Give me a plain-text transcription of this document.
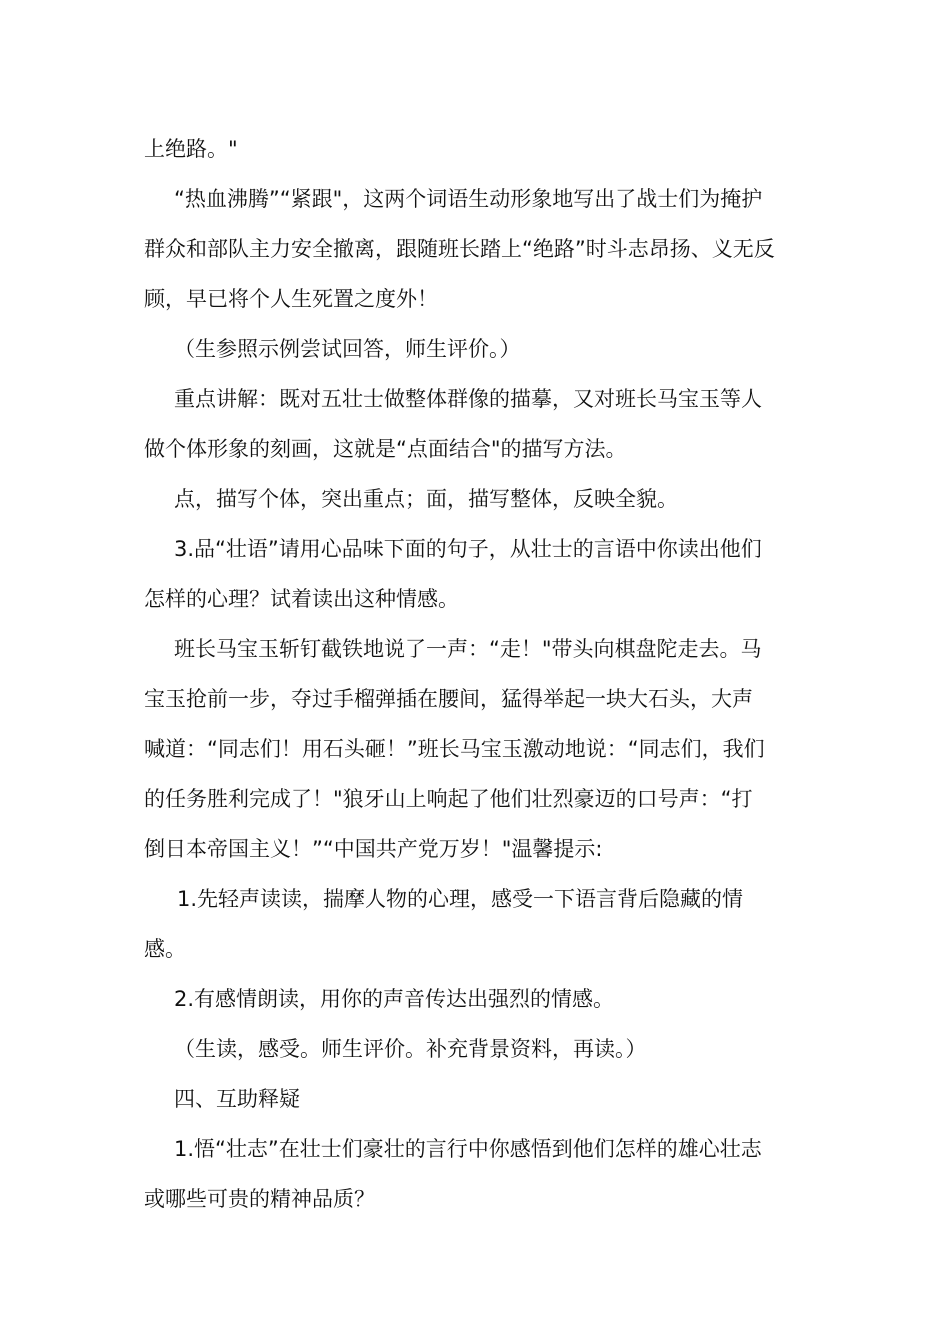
上绝路。"

“热血沸腾”“紧跟"，这两个词语生动形象地写出了战士们为掩护

群众和部队主力安全撤离，跟随班长踏上“绝路”时斗志昂扬、义无反

顾，早已将个人生死置之度外！

（生参照示例尝试回答，师生评价。）

重点讲解：既对五壮士做整体群像的描摹，又对班长马宝玉等人

做个体形象的刻画，这就是“点面结合"的描写方法。

点，描写个体，突出重点；面，描写整体，反映全貌。

3.品“壮语”请用心品味下面的句子，从壮士的言语中你读出他们

怎样的心理？试着读出这种情感。

班长马宝玉斩钉截铁地说了一声：“走！"带头向棋盘陀走去。马

宝玉抢前一步，夺过手榴弹插在腰间，猛得举起一块大石头，大声

喊道：“同志们！用石头砸！”班长马宝玉激动地说：“同志们，我们

的任务胜利完成了！"狼牙山上响起了他们壮烈豪迈的口号声：“打

倒日本帝国主义！”“中国共产党万岁！"温馨提示:

1.先轻声读读，揣摩人物的心理，感受一下语言背后隐藏的情

感。

2.有感情朗读，用你的声音传达出强烈的情感。

（生读，感受。师生评价。补充背景资料，再读。）

四、互助释疑

1.悟“壮志”在壮士们豪壮的言行中你感悟到他们怎样的雄心壮志

或哪些可贵的精神品质？
